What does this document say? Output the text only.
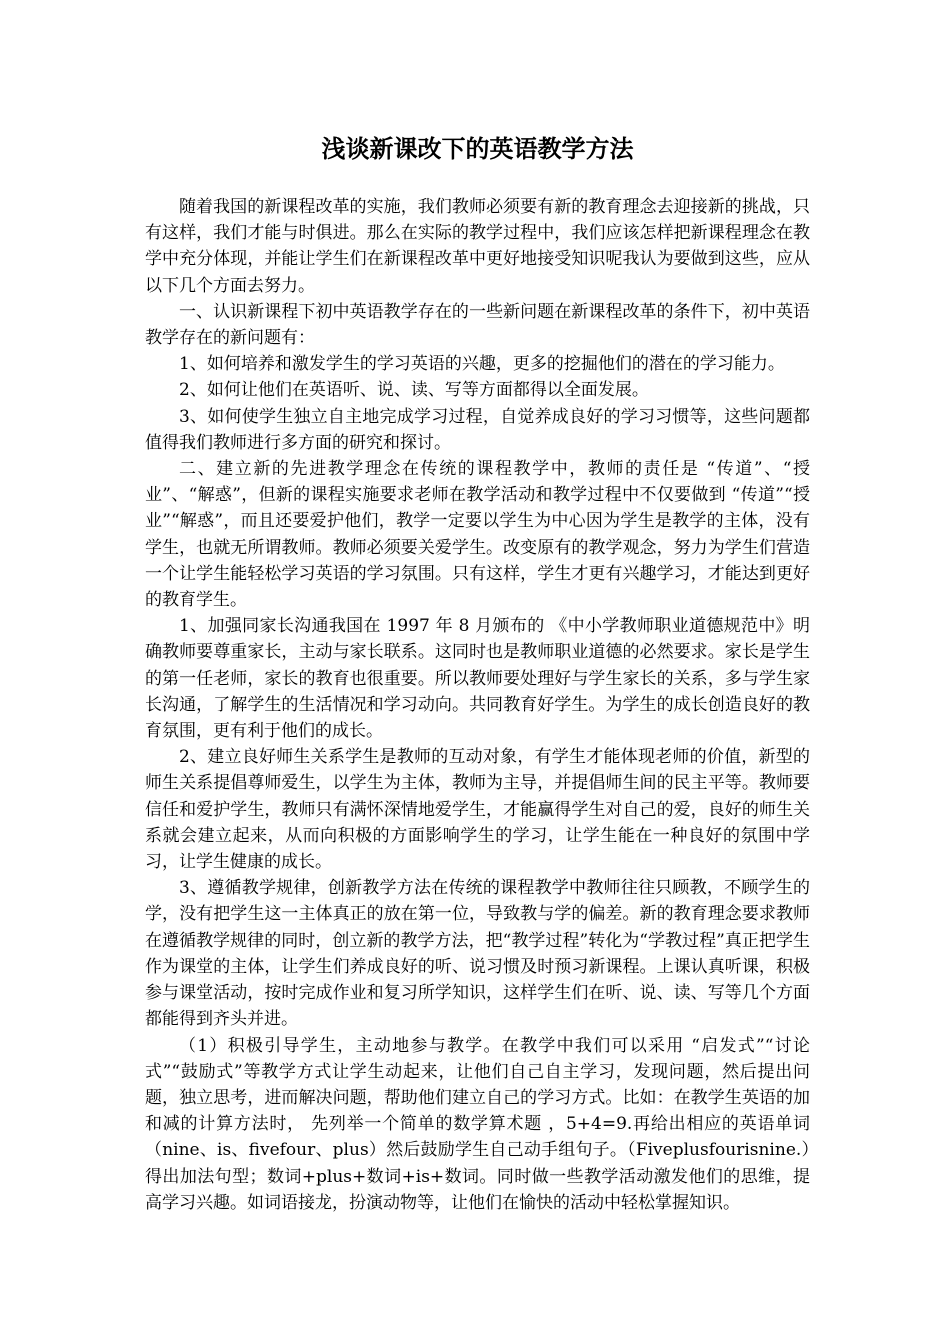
浅谈新课改下的英语教学方法

随着我国的新课程改革的实施，我们教师必须要有新的教育理念去迎接新的挑战，只有这样，我们才能与时俱进。那么在实际的教学过程中，我们应该怎样把新课程理念在教学中充分体现，并能让学生们在新课程改革中更好地接受知识呢我认为要做到这些，应从以下几个方面去努力。

一、认识新课程下初中英语教学存在的一些新问题在新课程改革的条件下，初中英语教学存在的新问题有：

1、如何培养和激发学生的学习英语的兴趣，更多的挖掘他们的潜在的学习能力。

2、如何让他们在英语听、说、读、写等方面都得以全面发展。

3、如何使学生独立自主地完成学习过程，自觉养成良好的学习习惯等，这些问题都值得我们教师进行多方面的研究和探讨。

二、建立新的先进教学理念在传统的课程教学中，教师的责任是 “传道”、“授业”、“解惑”，但新的课程实施要求老师在教学活动和教学过程中不仅要做到 “传道”“授业”“解惑”，而且还要爱护他们，教学一定要以学生为中心因为学生是教学的主体，没有学生，也就无所谓教师。教师必须要关爱学生。改变原有的教学观念，努力为学生们营造一个让学生能轻松学习英语的学习氛围。只有这样，学生才更有兴趣学习，才能达到更好的教育学生。

1、加强同家长沟通我国在 1997 年 8 月颁布的 《中小学教师职业道德规范中》明确教师要尊重家长，主动与家长联系。这同时也是教师职业道德的必然要求。家长是学生的第一任老师，家长的教育也很重要。所以教师要处理好与学生家长的关系，多与学生家长沟通，了解学生的生活情况和学习动向。共同教育好学生。为学生的成长创造良好的教育氛围，更有利于他们的成长。

2、建立良好师生关系学生是教师的互动对象，有学生才能体现老师的价值，新型的师生关系提倡尊师爱生，以学生为主体，教师为主导，并提倡师生间的民主平等。教师要信任和爱护学生，教师只有满怀深情地爱学生，才能赢得学生对自己的爱，良好的师生关系就会建立起来，从而向积极的方面影响学生的学习，让学生能在一种良好的氛围中学习，让学生健康的成长。

3、遵循教学规律，创新教学方法在传统的课程教学中教师往往只顾教，不顾学生的学，没有把学生这一主体真正的放在第一位，导致教与学的偏差。新的教育理念要求教师在遵循教学规律的同时，创立新的教学方法，把“教学过程”转化为“学教过程”真正把学生作为课堂的主体，让学生们养成良好的听、说习惯及时预习新课程。上课认真听课，积极参与课堂活动，按时完成作业和复习所学知识，这样学生们在听、说、读、写等几个方面都能得到齐头并进。

（1）积极引导学生，主动地参与教学。在教学中我们可以采用 “启发式”“讨论式”“鼓励式”等教学方式让学生动起来，让他们自己自主学习，发现问题，然后提出问题，独立思考，进而解决问题，帮助他们建立自己的学习方式。比如：在教学生英语的加和减的计算方法时， 先列举一个简单的数学算术题 ，5+4=9.再给出相应的英语单词（nine、is、fivefour、plus）然后鼓励学生自己动手组句子。（Fiveplusfourisnine.）得出加法句型；数词+plus+数词+is+数词。同时做一些教学活动激发他们的思维，提高学习兴趣。如词语接龙，扮演动物等，让他们在愉快的活动中轻松掌握知识。
